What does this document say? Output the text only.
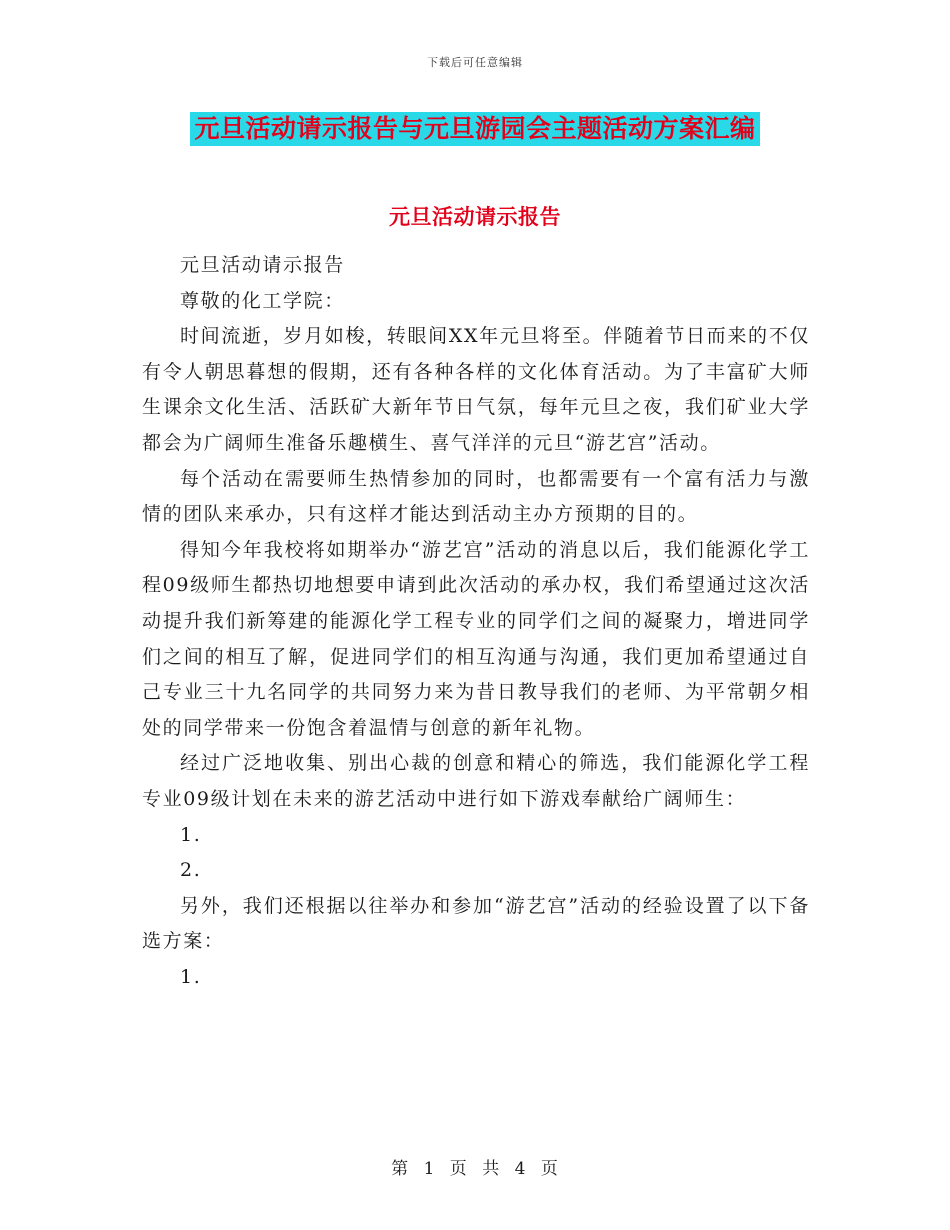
下载后可任意编辑
元旦活动请示报告与元旦游园会主题活动方案汇编
元旦活动请示报告

元旦活动请示报告

尊敬的化工学院：

时间流逝，岁月如梭，转眼间XX年元旦将至。伴随着节日而来的不仅有令人朝思暮想的假期，还有各种各样的文化体育活动。为了丰富矿大师生课余文化生活、活跃矿大新年节日气氛，每年元旦之夜，我们矿业大学都会为广阔师生准备乐趣横生、喜气洋洋的元旦“游艺宫”活动。

每个活动在需要师生热情参加的同时，也都需要有一个富有活力与激情的团队来承办，只有这样才能达到活动主办方预期的目的。

得知今年我校将如期举办“游艺宫”活动的消息以后，我们能源化学工程09级师生都热切地想要申请到此次活动的承办权，我们希望通过这次活动提升我们新筹建的能源化学工程专业的同学们之间的凝聚力，增进同学们之间的相互了解，促进同学们的相互沟通与沟通，我们更加希望通过自己专业三十九名同学的共同努力来为昔日教导我们的老师、为平常朝夕相处的同学带来一份饱含着温情与创意的新年礼物。

经过广泛地收集、别出心裁的创意和精心的筛选，我们能源化学工程专业09级计划在未来的游艺活动中进行如下游戏奉献给广阔师生：

1.

2.

另外，我们还根据以往举办和参加“游艺宫”活动的经验设置了以下备选方案：

1.

第 1 页 共 4 页
